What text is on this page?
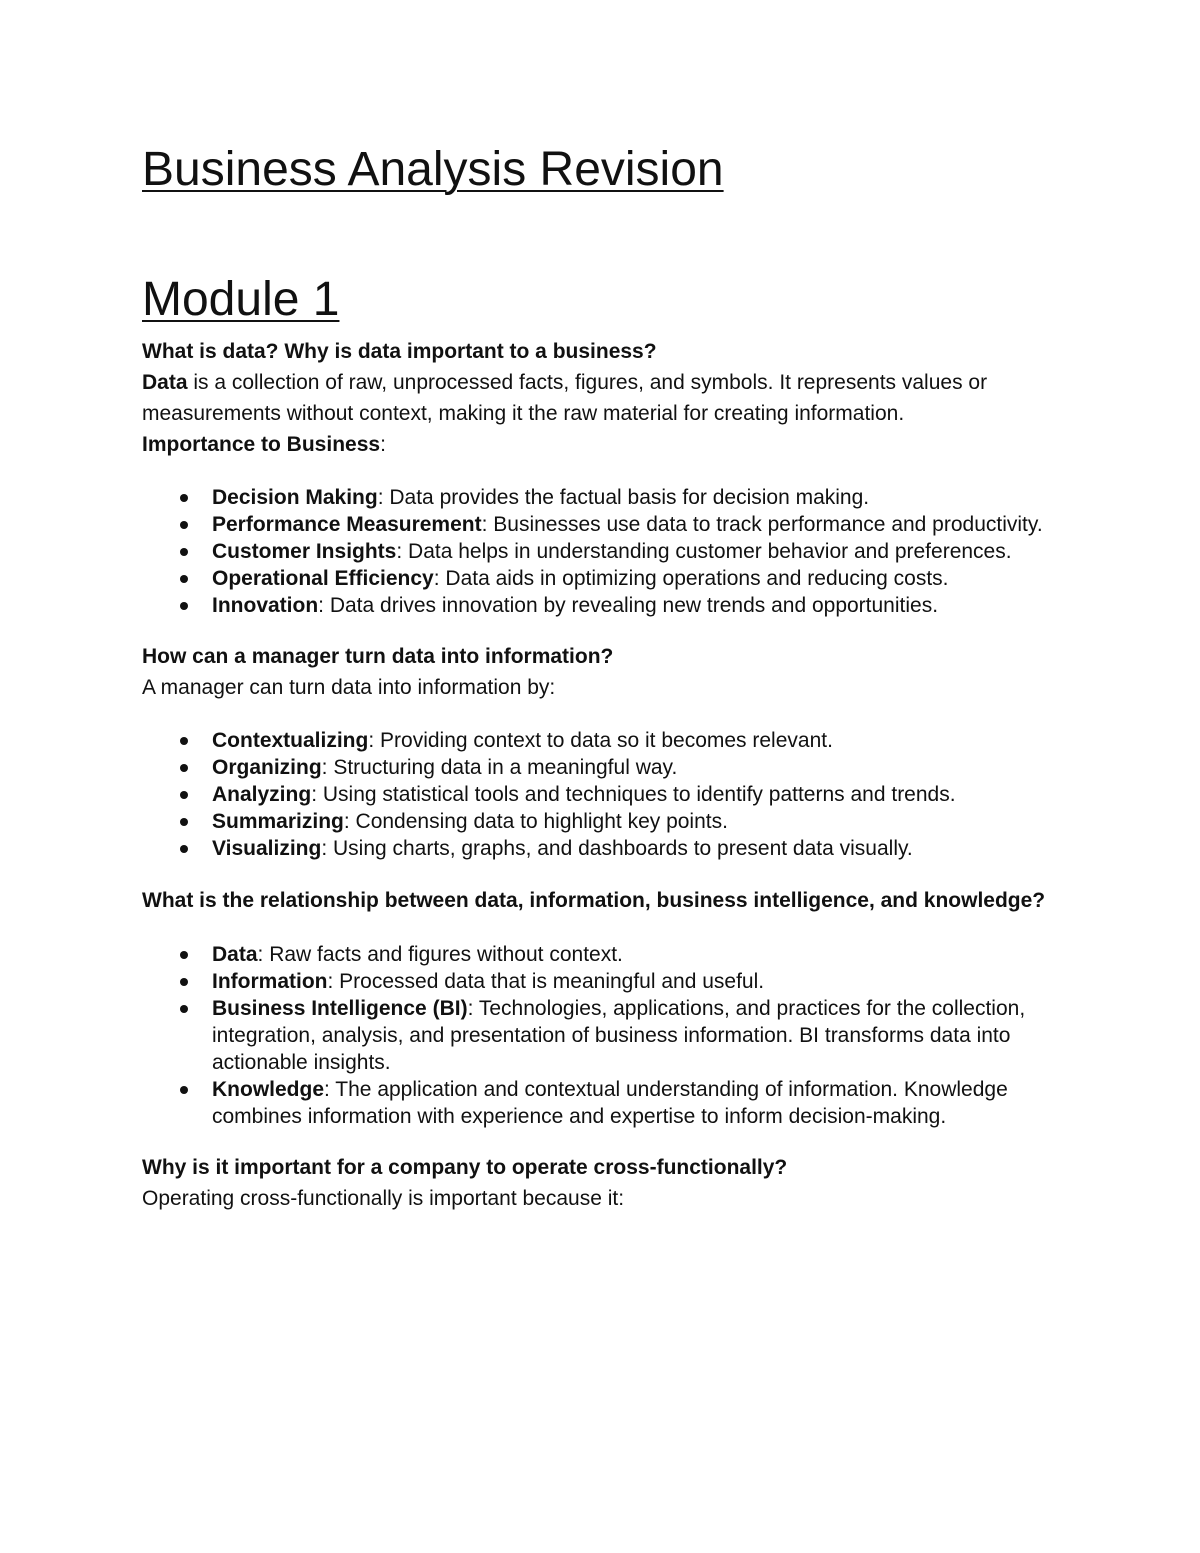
Business Analysis Revision
Module 1

What is data? Why is data important to a business?

Data is a collection of raw, unprocessed facts, figures, and symbols. It represents values or measurements without context, making it the raw material for creating information.

Importance to Business:

Decision Making: Data provides the factual basis for decision making.
Performance Measurement: Businesses use data to track performance and productivity.
Customer Insights: Data helps in understanding customer behavior and preferences.
Operational Efficiency: Data aids in optimizing operations and reducing costs.
Innovation: Data drives innovation by revealing new trends and opportunities.

How can a manager turn data into information?

A manager can turn data into information by:

Contextualizing: Providing context to data so it becomes relevant.
Organizing: Structuring data in a meaningful way.
Analyzing: Using statistical tools and techniques to identify patterns and trends.
Summarizing: Condensing data to highlight key points.
Visualizing: Using charts, graphs, and dashboards to present data visually.

What is the relationship between data, information, business intelligence, and knowledge?

Data: Raw facts and figures without context.
Information: Processed data that is meaningful and useful.
Business Intelligence (BI): Technologies, applications, and practices for the collection, integration, analysis, and presentation of business information. BI transforms data into actionable insights.
Knowledge: The application and contextual understanding of information. Knowledge combines information with experience and expertise to inform decision-making.

Why is it important for a company to operate cross-functionally?

Operating cross-functionally is important because it:
